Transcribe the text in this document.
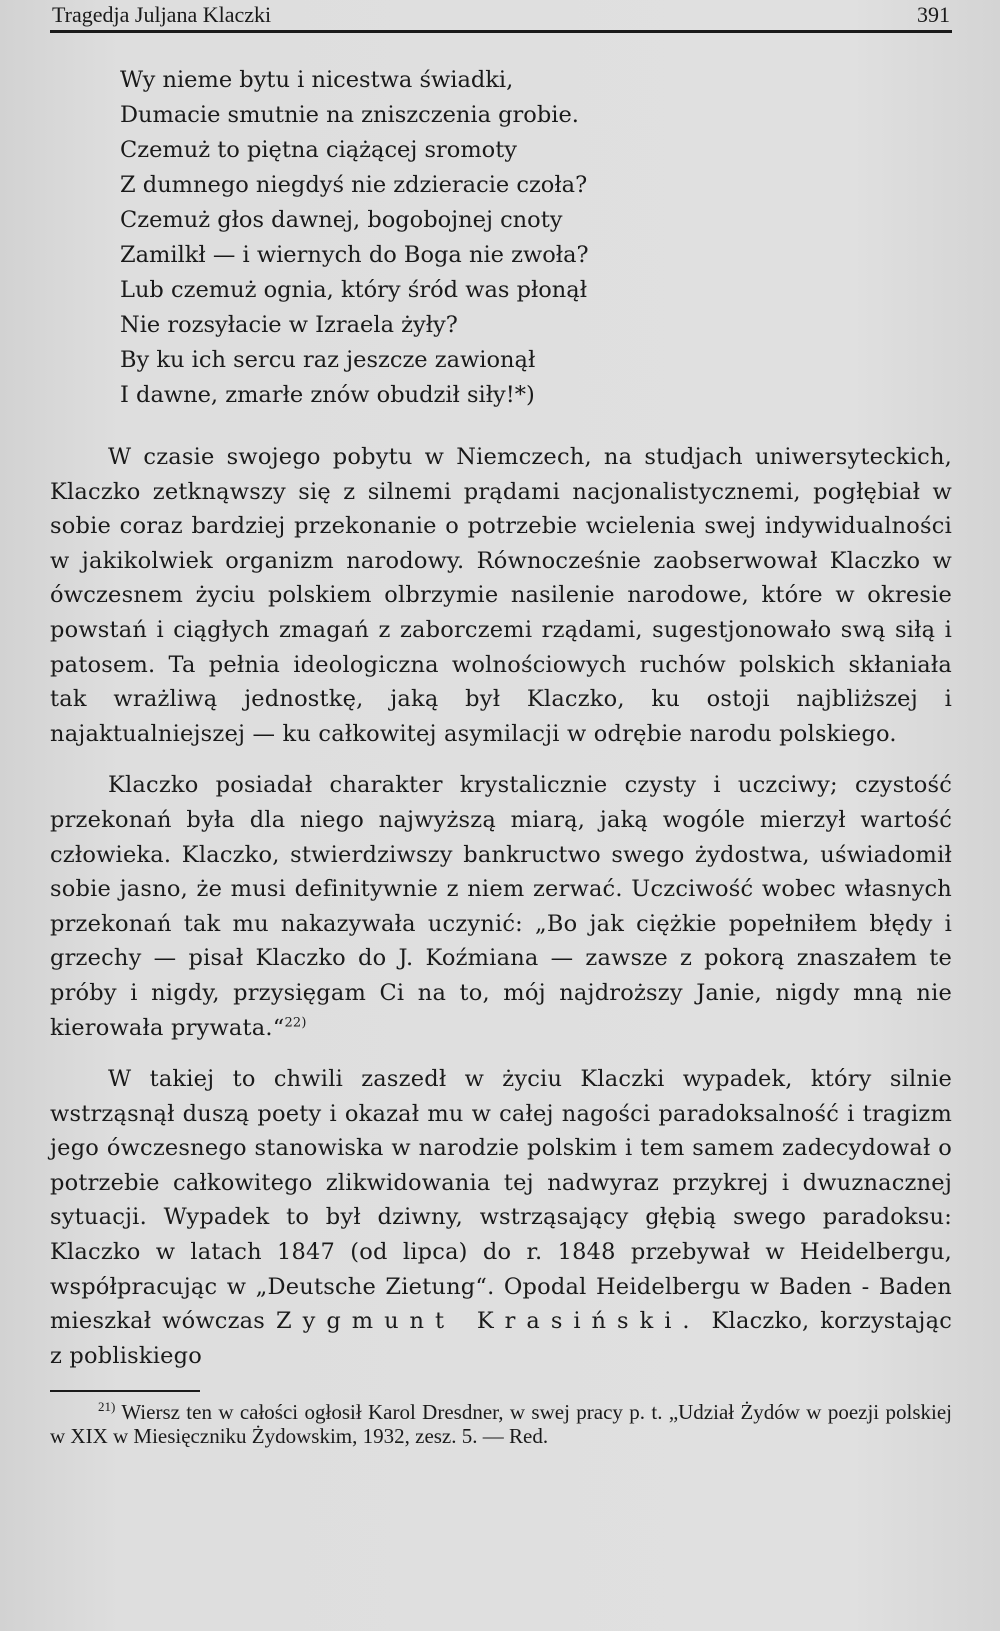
Tragedja Juljana Klaczki	391
Wy nieme bytu i nicestwa świadki,
Dumacie smutnie na zniszczenia grobie.
Czemuż to piętna ciążącej sromoty
Z dumnego niegdyś nie zdzieracie czoła?
Czemuż głos dawnej, bogobojnej cnoty
Zamilkł — i wiernych do Boga nie zwoła?
Lub czemuż ognia, który śród was płonął
Nie rozsyłacie w Izraela żyły?
By ku ich sercu raz jeszcze zawionął
I dawne, zmarłe znów obudził siły!*)

W czasie swojego pobytu w Niemczech, na studjach uniwersyteckich, Klaczko zetknąwszy się z silnemi prądami nacjonalistycznemi, pogłębiał w sobie coraz bardziej przekonanie o potrzebie wcielenia swej indywidualności w jakikolwiek organizm narodowy. Równocześnie zaobserwował Klaczko w ówczesnem życiu polskiem olbrzymie nasilenie narodowe, które w okresie powstań i ciągłych zmagań z zaborczemi rządami, sugestjonowało swą siłą i patosem. Ta pełnia ideologiczna wolnościowych ruchów polskich skłaniała tak wrażliwą jednostkę, jaką był Klaczko, ku ostoji najbliższej i najaktualniejszej — ku całkowitej asymilacji w odrębie narodu polskiego.

Klaczko posiadał charakter krystalicznie czysty i uczciwy; czystość przekonań była dla niego najwyższą miarą, jaką wogóle mierzył wartość człowieka. Klaczko, stwierdziwszy bankructwo swego żydostwa, uświadomił sobie jasno, że musi definitywnie z niem zerwać. Uczciwość wobec własnych przekonań tak mu nakazywała uczynić: „Bo jak ciężkie popełniłem błędy i grzechy — pisał Klaczko do J. Koźmiana — zawsze z pokorą znaszałem te próby i nigdy, przysięgam Ci na to, mój najdroższy Janie, nigdy mną nie kierowała prywata.“$^{22)}$

W takiej to chwili zaszedł w życiu Klaczki wypadek, który silnie wstrząsnął duszą poety i okazał mu w całej nagości paradoksalność i tragizm jego ówczesnego stanowiska w narodzie polskim i tem samem zadecydował o potrzebie całkowitego zlikwidowania tej nadwyraz przykrej i dwuznacznej sytuacji. Wypadek to był dziwny, wstrząsający głębią swego paradoksu: Klaczko w latach 1847 (od lipca) do r. 1848 przebywał w Heidelbergu, współpracując w „Deutsche Zietung“. Opodal Heidelbergu w Baden - Baden mieszkał wówczas Zygmunt Krasiński. Klaczko, korzystając z pobliskiego

$^{21)}$ Wiersz ten w całości ogłosił Karol Dresdner, w swej pracy p. t. „Udział Żydów w poezji polskiej w XIX w Miesięczniku Żydowskim, 1932, zesz. 5. — Red.
